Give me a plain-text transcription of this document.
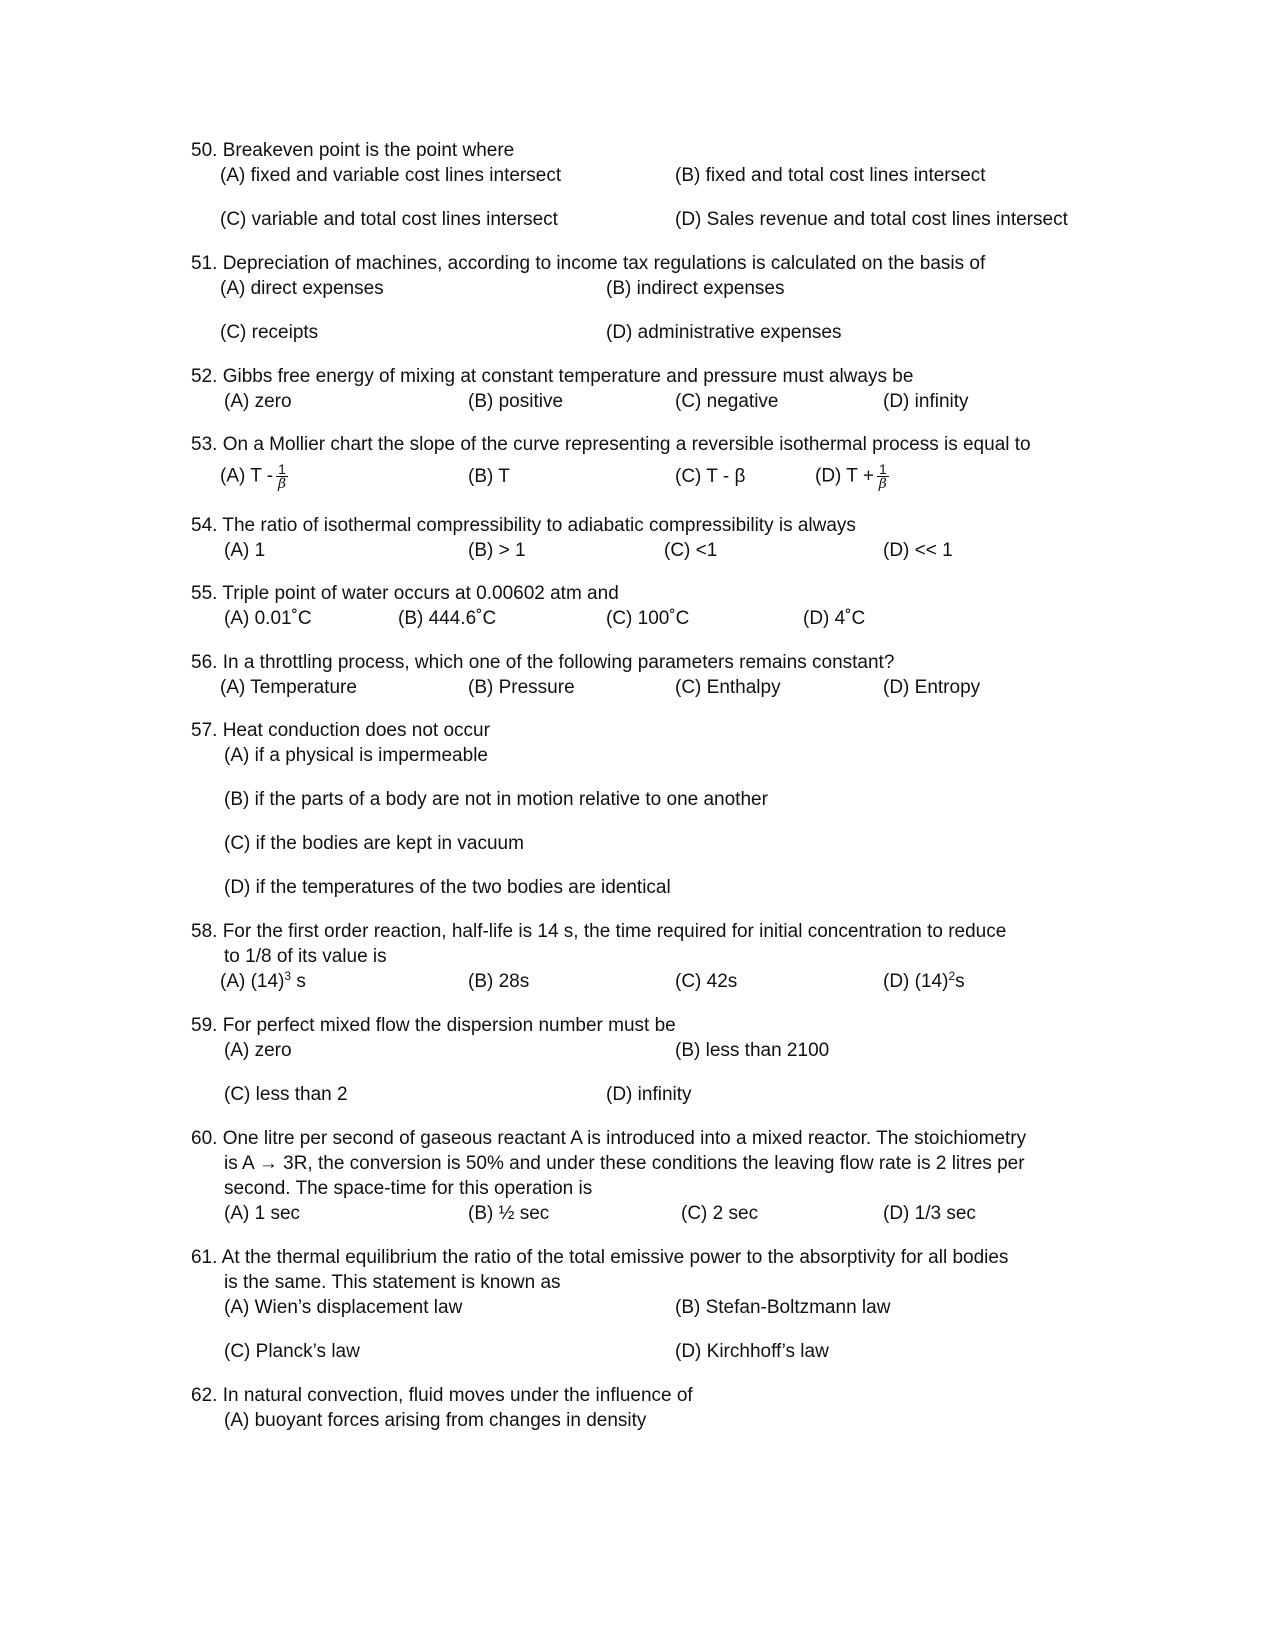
50. Breakeven point is the point where
(A) fixed and variable cost lines intersect	(B) fixed and total cost lines intersect
(C) variable and total cost lines intersect	(D) Sales revenue and total cost lines intersect
51. Depreciation of machines, according to income tax regulations is calculated on the basis of
(A) direct expenses	(B) indirect expenses
(C) receipts	(D) administrative expenses
52. Gibbs free energy of mixing at constant temperature and pressure must always be
(A) zero	(B) positive	(C) negative	(D) infinity
53. On a Mollier chart the slope of the curve representing a reversible isothermal process is equal to
(A) T - $\frac{1}{\beta}$	(B) T	(C) T - β	(D) $T + \frac{1}{\beta}$
54. The ratio of isothermal compressibility to adiabatic compressibility is always
(A) 1	(B) > 1	(C) <1	(D) << 1
55. Triple point of water occurs at 0.00602 atm and
(A) 0.01˚C	(B) 444.6˚C	(C) 100˚C	(D) 4˚C
56. In a throttling process, which one of the following parameters remains constant?
(A) Temperature	(B) Pressure	(C) Enthalpy	(D) Entropy
57. Heat conduction does not occur
(A) if a physical is impermeable
(B) if the parts of a body are not in motion relative to one another
(C) if the bodies are kept in vacuum
(D) if the temperatures of the two bodies are identical
58. For the first order reaction, half-life is 14 s, the time required for initial concentration to reduce
to 1/8 of its value is
(A) $(14)^3$ s	(B) 28s	(C) 42s	(D) $(14)^2s$
59. For perfect mixed flow the dispersion number must be
(A) zero	(B) less than 2100
(C) less than 2	(D) infinity
60. One litre per second of gaseous reactant A is introduced into a mixed reactor. The stoichiometry
is A → 3R, the conversion is 50% and under these conditions the leaving flow rate is 2 litres per
second. The space-time for this operation is
(A) 1 sec	(B) ½ sec	(C) 2 sec	(D) 1/3 sec
61. At the thermal equilibrium the ratio of the total emissive power to the absorptivity for all bodies
is the same. This statement is known as
(A) Wien’s displacement law	(B) Stefan-Boltzmann law
(C) Planck’s law	(D) Kirchhoff’s law
62. In natural convection, fluid moves under the influence of
(A) buoyant forces arising from changes in density
